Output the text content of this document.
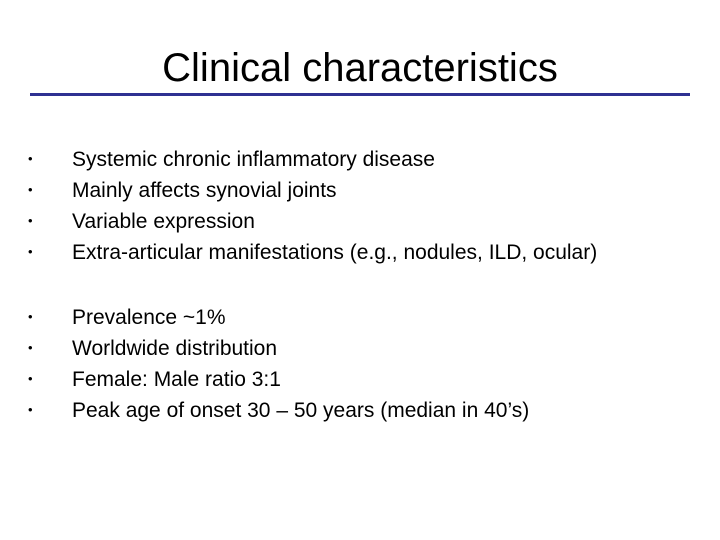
Clinical characteristics
•	Systemic chronic inflammatory disease
•	Mainly affects synovial joints
•	Variable expression
•	Extra-articular manifestations (e.g., nodules, ILD, ocular)
•	Prevalence ~1%
•	Worldwide distribution
•	Female: Male ratio 3:1
•	Peak age of onset 30 – 50 years (median in 40’s)
